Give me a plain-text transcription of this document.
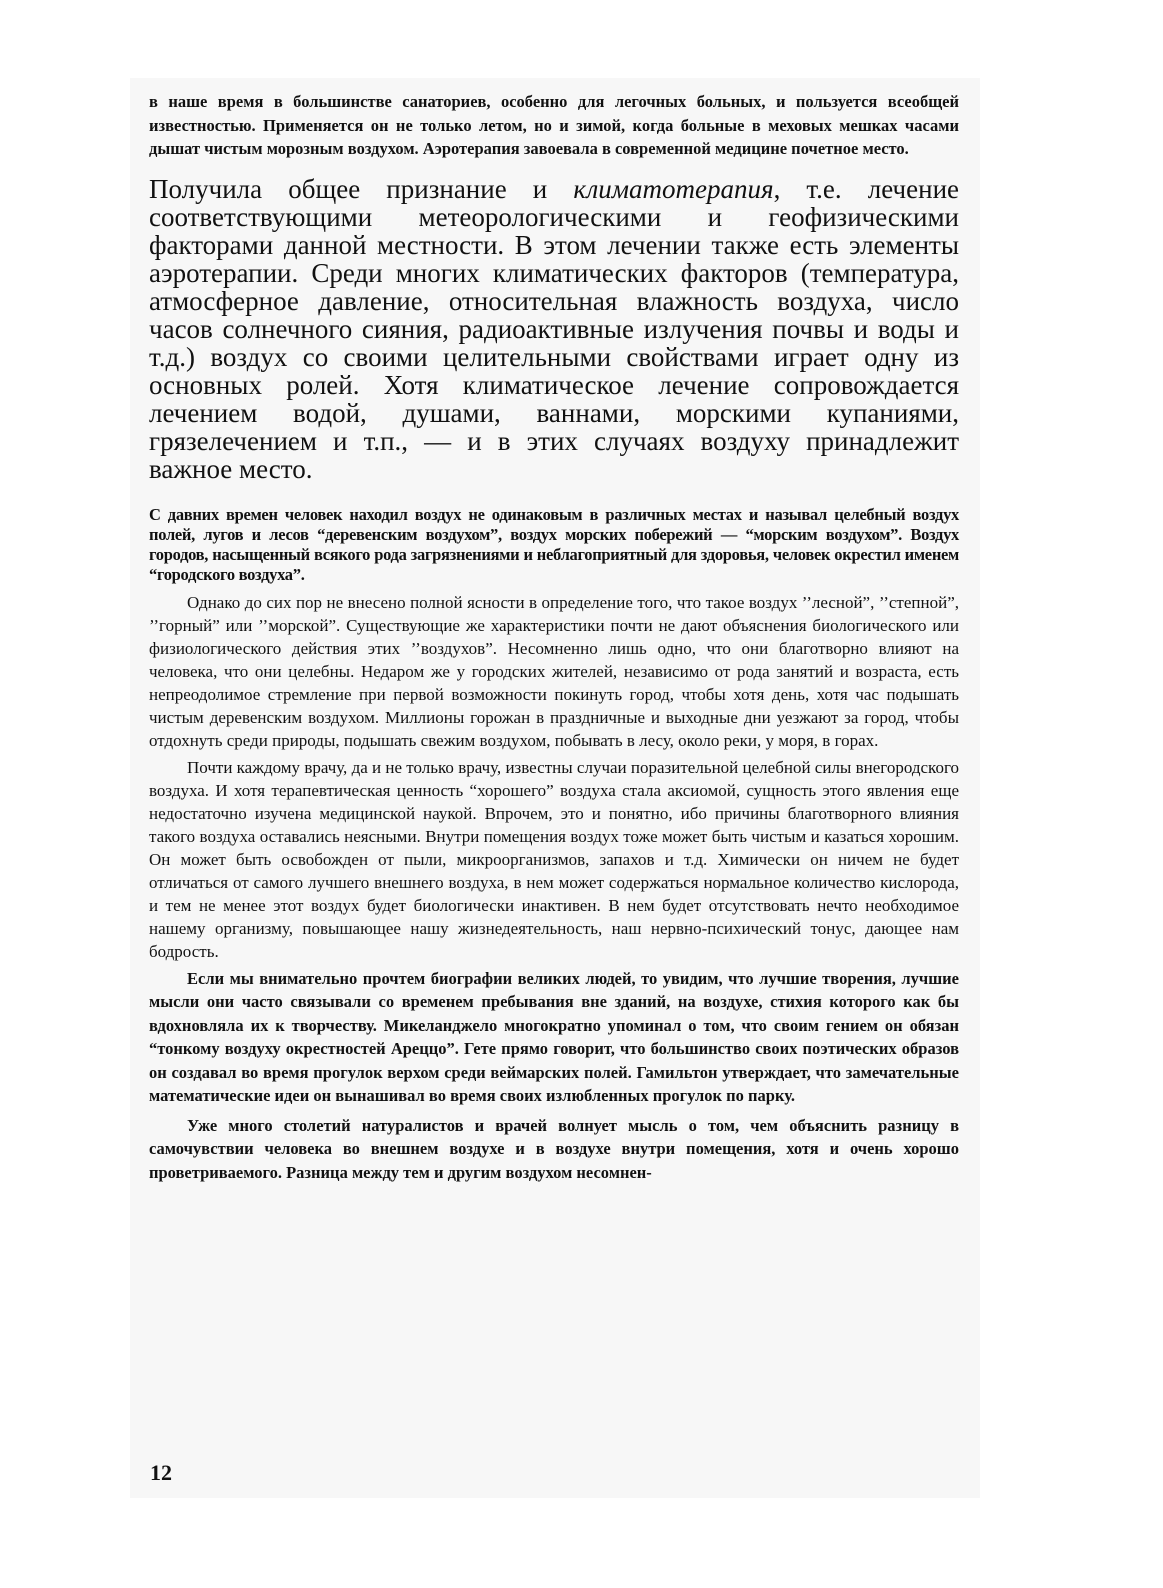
в наше время в большинстве санаториев, особенно для легочных больных, и пользуется всеобщей известностью. Применяется он не только летом, но и зимой, когда больные в меховых мешках часами дышат чистым морозным воздухом. Аэротерапия завоевала в современной медицине почетное место.

Получила общее признание и климатотерапия, т.е. лечение соответствующими метеорологическими и геофизическими факторами данной местности. В этом лечении также есть элементы аэротерапии. Среди многих климатических факторов (температура, атмосферное давление, относительная влажность воздуха, число часов солнечного сияния, радиоактивные излучения почвы и воды и т.д.) воздух со своими целительными свойствами играет одну из основных ролей. Хотя климатическое лечение сопровождается лечением водой, душами, ваннами, морскими купаниями, грязелечением и т.п., — и в этих случаях воздуху принадлежит важное место.

С давних времен человек находил воздух не одинаковым в различных местах и называл целебный воздух полей, лугов и лесов “деревенским воздухом”, воздух морских побережий — “морским воздухом”. Воздух городов, насыщенный всякого рода загрязнениями и неблагоприятный для здоровья, человек окрестил именем “городского воздуха”.

Однако до сих пор не внесено полной ясности в определение того, что такое воздух ’’лесной”, ’’степной”, ’’горный” или ’’морской”. Существующие же характеристики почти не дают объяснения биологического или физиологического действия этих ’’воздухов”. Несомненно лишь одно, что они благотворно влияют на человека, что они целебны. Недаром же у городских жителей, независимо от рода занятий и возраста, есть непреодолимое стремление при первой возможности покинуть город, чтобы хотя день, хотя час подышать чистым деревенским воздухом. Миллионы горожан в праздничные и выходные дни уезжают за город, чтобы отдохнуть среди природы, подышать свежим воздухом, побывать в лесу, около реки, у моря, в горах.

Почти каждому врачу, да и не только врачу, известны случаи поразительной целебной силы внегородского воздуха. И хотя терапевтическая ценность “хорошего” воздуха стала аксиомой, сущность этого явления еще недостаточно изучена медицинской наукой. Впрочем, это и понятно, ибо причины благотворного влияния такого воздуха оставались неясными. Внутри помещения воздух тоже может быть чистым и казаться хорошим. Он может быть освобожден от пыли, микроорганизмов, запахов и т.д. Химически он ничем не будет отличаться от самого лучшего внешнего воздуха, в нем может содержаться нормальное количество кислорода, и тем не менее этот воздух будет биологически инактивен. В нем будет отсутствовать нечто необходимое нашему организму, повышающее нашу жизнедеятельность, наш нервно-психический тонус, дающее нам бодрость.

Если мы внимательно прочтем биографии великих людей, то увидим, что лучшие творения, лучшие мысли они часто связывали со временем пребывания вне зданий, на воздухе, стихия которого как бы вдохновляла их к творчеству. Микеланджело многократно упоминал о том, что своим гением он обязан “тонкому воздуху окрестностей Ареццо”. Гете прямо говорит, что большинство своих поэтических образов он создавал во время прогулок верхом среди веймарских полей. Гамильтон утверждает, что замечательные математические идеи он вынашивал во время своих излюбленных прогулок по парку.

Уже много столетий натуралистов и врачей волнует мысль о том, чем объяснить разницу в самочувствии человека во внешнем воздухе и в воздухе внутри помещения, хотя и очень хорошо проветриваемого. Разница между тем и другим воздухом несомнен-

12
